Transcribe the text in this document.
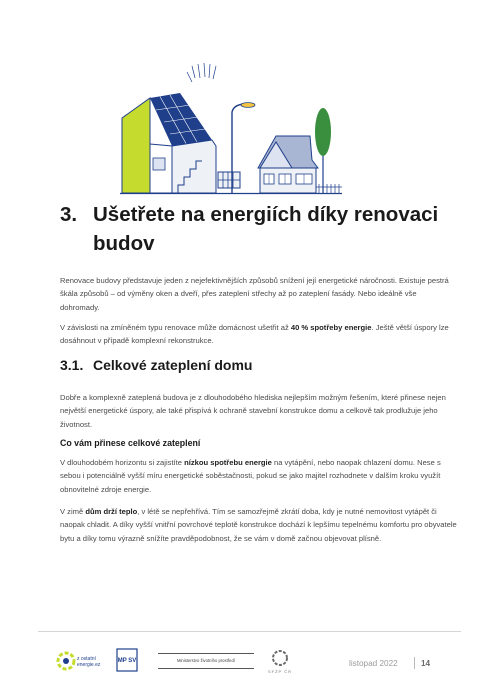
3. Ušetřete na energiích díky renovaci budov
Renovace budovy představuje jeden z nejefektivnějších způsobů snížení její energetické náročnosti. Existuje pestrá škála způsobů – od výměny oken a dveří, přes zateplení střechy až po zateplení fasády. Nebo ideálně vše dohromady.
V závislosti na zmíněném typu renovace může domácnost ušetřit až 40 % spotřeby energie. Ještě větší úspory lze dosáhnout v případě komplexní rekonstrukce.
3.1. Celkové zateplení domu
Dobře a komplexně zateplená budova je z dlouhodobého hlediska nejlepším možným řešením, které přinese nejen největší energetické úspory, ale také přispívá k ochraně stavební konstrukce domu a celkově tak prodlužuje jeho životnost.
Co vám přinese celkové zateplení
V dlouhodobém horizontu si zajistíte nízkou spotřebu energie na vytápění, nebo naopak chlazení domu. Nese s sebou i potenciálně vyšší míru energetické soběstačnosti, pokud se jako majitel rozhodnete v dalším kroku využít obnovitelné zdroje energie.
V zimě dům drží teplo, v létě se nepřehřívá. Tím se samozřejmě zkrátí doba, kdy je nutné nemovitost vytápět či naopak chladit. A díky vyšší vnitřní povrchové teplotě konstrukce dochází k lepšímu tepelnému komfortu pro obyvatele bytu a díky tomu výrazně snížíte pravděpodobnost, že se vám v domě začnou objevovat plísně.
z ostatní
energie.ez
MP SV	Ministerstvo životního prostředí
SFŽP ČR
listopad 2022	14
